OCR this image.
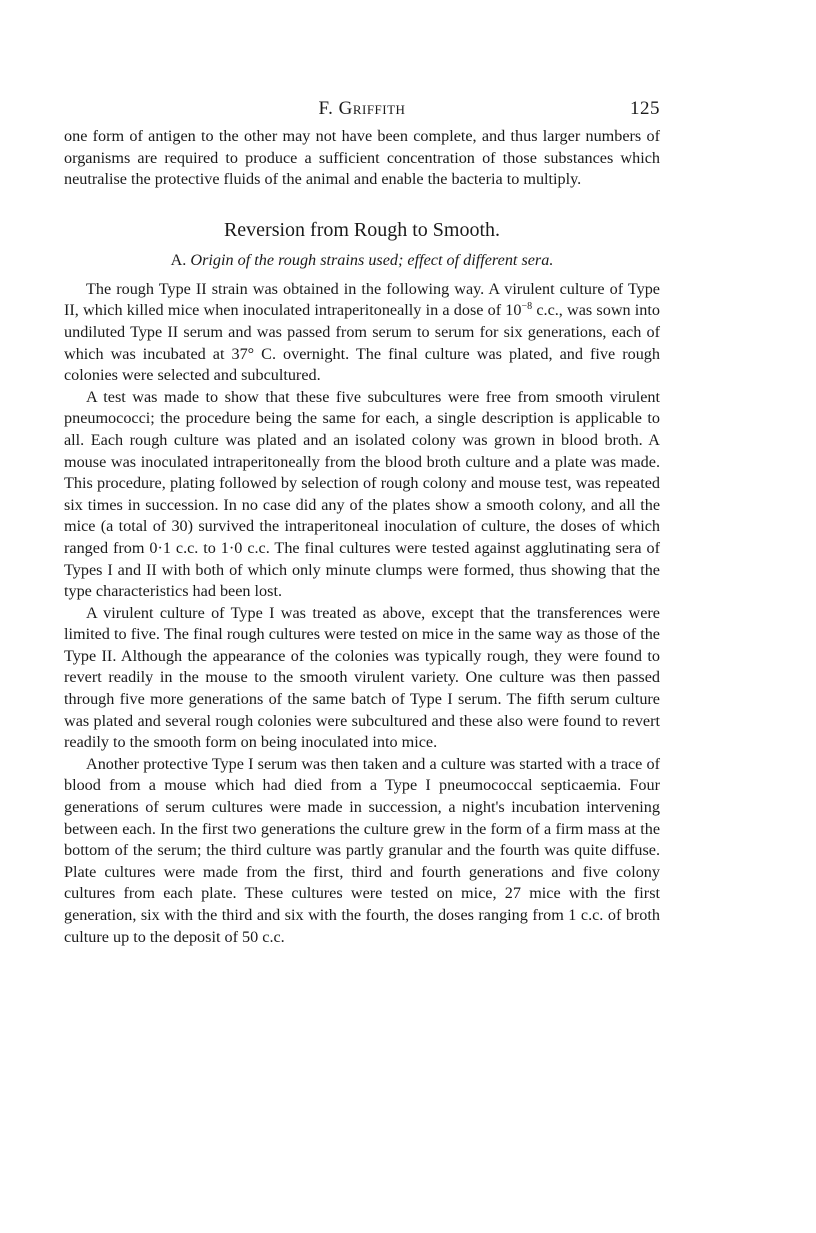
F. Griffith	125

one form of antigen to the other may not have been complete, and thus larger numbers of organisms are required to produce a sufficient concentration of those substances which neutralise the protective fluids of the animal and enable the bacteria to multiply.

Reversion from Rough to Smooth.
A. Origin of the rough strains used; effect of different sera.

The rough Type II strain was obtained in the following way. A virulent culture of Type II, which killed mice when inoculated intraperitoneally in a dose of $10^{-8}$ c.c., was sown into undiluted Type II serum and was passed from serum to serum for six generations, each of which was incubated at 37° C. overnight. The final culture was plated, and five rough colonies were selected and subcultured.

A test was made to show that these five subcultures were free from smooth virulent pneumococci; the procedure being the same for each, a single description is applicable to all. Each rough culture was plated and an isolated colony was grown in blood broth. A mouse was inoculated intraperitoneally from the blood broth culture and a plate was made. This procedure, plating followed by selection of rough colony and mouse test, was repeated six times in succession. In no case did any of the plates show a smooth colony, and all the mice (a total of 30) survived the intraperitoneal inoculation of culture, the doses of which ranged from 0·1 c.c. to 1·0 c.c. The final cultures were tested against agglutinating sera of Types I and II with both of which only minute clumps were formed, thus showing that the type characteristics had been lost.

A virulent culture of Type I was treated as above, except that the transferences were limited to five. The final rough cultures were tested on mice in the same way as those of the Type II. Although the appearance of the colonies was typically rough, they were found to revert readily in the mouse to the smooth virulent variety. One culture was then passed through five more generations of the same batch of Type I serum. The fifth serum culture was plated and several rough colonies were subcultured and these also were found to revert readily to the smooth form on being inoculated into mice.

Another protective Type I serum was then taken and a culture was started with a trace of blood from a mouse which had died from a Type I pneumococcal septicaemia. Four generations of serum cultures were made in succession, a night's incubation intervening between each. In the first two generations the culture grew in the form of a firm mass at the bottom of the serum; the third culture was partly granular and the fourth was quite diffuse. Plate cultures were made from the first, third and fourth generations and five colony cultures from each plate. These cultures were tested on mice, 27 mice with the first generation, six with the third and six with the fourth, the doses ranging from 1 c.c. of broth culture up to the deposit of 50 c.c.
